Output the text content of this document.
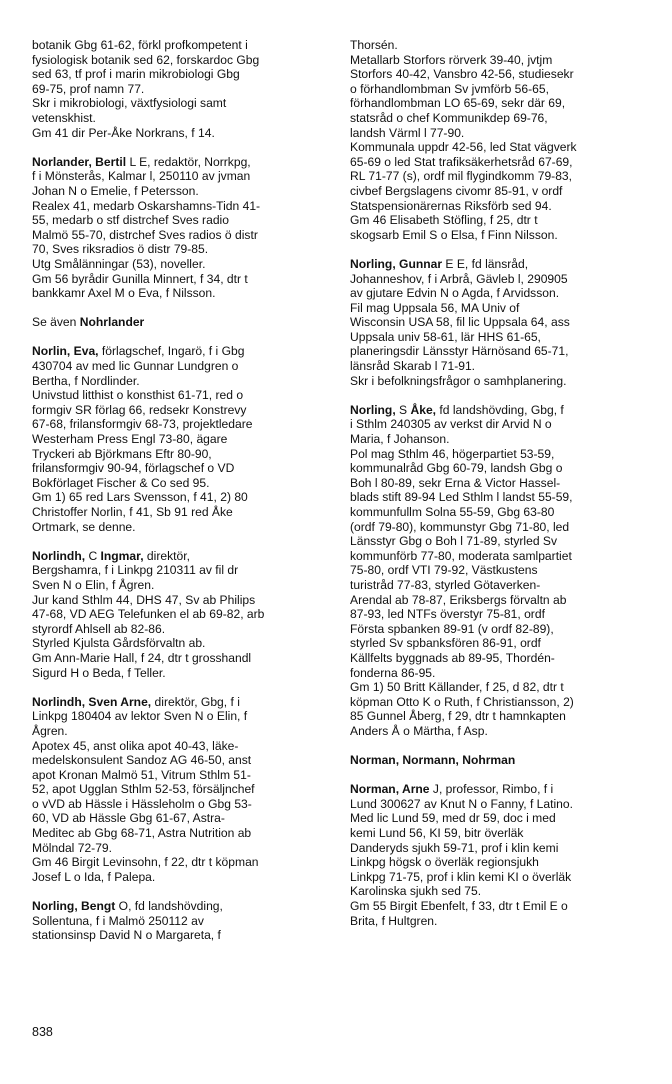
botanik Gbg 61-62, förkl profkompetent i
fysiologisk botanik sed 62, forskardoc Gbg
sed 63, tf prof i marin mikrobiologi Gbg
69-75, prof namn 77.
Skr i mikrobiologi, växtfysiologi samt
vetenskhist.
Gm 41 dir Per-Åke Norkrans, f 14.
Norlander, Bertil L E, redaktör, Norrkpg,
f i Mönsterås, Kalmar l, 250110 av jvman
Johan N o Emelie, f Petersson.
Realex 41, medarb Oskarshamns-Tidn 41-
55, medarb o stf distrchef Sves radio
Malmö 55-70, distrchef Sves radios ö distr
70, Sves riksradios ö distr 79-85.
Utg Smålänningar (53), noveller.
Gm 56 byrådir Gunilla Minnert, f 34, dtr t
bankkamr Axel M o Eva, f Nilsson.
Se även Nohrlander
Norlin, Eva, förlagschef, Ingarö, f i Gbg
430704 av med lic Gunnar Lundgren o
Bertha, f Nordlinder.
Univstud litthist o konsthist 61-71, red o
formgiv SR förlag 66, redsekr Konstrevy
67-68, frilansformgiv 68-73, projektledare
Westerham Press Engl 73-80, ägare
Tryckeri ab Björkmans Eftr 80-90,
frilansformgiv 90-94, förlagschef o VD
Bokförlaget Fischer & Co sed 95.
Gm 1) 65 red Lars Svensson, f 41, 2) 80
Christoffer Norlin, f 41, Sb 91 red Åke
Ortmark, se denne.
Norlindh, C Ingmar, direktör,
Bergshamra, f i Linkpg 210311 av fil dr
Sven N o Elin, f Ågren.
Jur kand Sthlm 44, DHS 47, Sv ab Philips
47-68, VD AEG Telefunken el ab 69-82, arb
styrordf Ahlsell ab 82-86.
Styrled Kjulsta Gårdsförvaltn ab.
Gm Ann-Marie Hall, f 24, dtr t grosshandl
Sigurd H o Beda, f Teller.
Norlindh, Sven Arne, direktör, Gbg, f i
Linkpg 180404 av lektor Sven N o Elin, f
Ågren.
Apotex 45, anst olika apot 40-43, läke-
medelskonsulent Sandoz AG 46-50, anst
apot Kronan Malmö 51, Vitrum Sthlm 51-
52, apot Ugglan Sthlm 52-53, försäljnchef
o vVD ab Hässle i Hässleholm o Gbg 53-
60, VD ab Hässle Gbg 61-67, Astra-
Meditec ab Gbg 68-71, Astra Nutrition ab
Mölndal 72-79.
Gm 46 Birgit Levinsohn, f 22, dtr t köpman
Josef L o Ida, f Palepa.
Norling, Bengt O, fd landshövding,
Sollentuna, f i Malmö 250112 av
stationsinsp David N o Margareta, f
Thorsén.
Metallarb Storfors rörverk 39-40, jvtjm
Storfors 40-42, Vansbro 42-56, studiesekr
o förhandlombman Sv jvmförb 56-65,
förhandlombman LO 65-69, sekr där 69,
statsråd o chef Kommunikdep 69-76,
landsh Värml l 77-90.
Kommunala uppdr 42-56, led Stat vägverk
65-69 o led Stat trafiksäkerhetsråd 67-69,
RL 71-77 (s), ordf mil flygindkomm 79-83,
civbef Bergslagens civomr 85-91, v ordf
Statspensionärernas Riksförb sed 94.
Gm 46 Elisabeth Stöfling, f 25, dtr t
skogsarb Emil S o Elsa, f Finn Nilsson.
Norling, Gunnar E E, fd länsråd,
Johanneshov, f i Arbrå, Gävleb l, 290905
av gjutare Edvin N o Agda, f Arvidsson.
Fil mag Uppsala 56, MA Univ of
Wisconsin USA 58, fil lic Uppsala 64, ass
Uppsala univ 58-61, lär HHS 61-65,
planeringsdir Länsstyr Härnösand 65-71,
länsråd Skarab l 71-91.
Skr i befolkningsfrågor o samhplanering.
Norling, S Åke, fd landshövding, Gbg, f
i Sthlm 240305 av verkst dir Arvid N o
Maria, f Johanson.
Pol mag Sthlm 46, högerpartiet 53-59,
kommunalråd Gbg 60-79, landsh Gbg o
Boh l 80-89, sekr Erna & Victor Hassel-
blads stift 89-94 Led Sthlm l landst 55-59,
kommunfullm Solna 55-59, Gbg 63-80
(ordf 79-80), kommunstyr Gbg 71-80, led
Länsstyr Gbg o Boh l 71-89, styrled Sv
kommunförb 77-80, moderata samlpartiet
75-80, ordf VTI 79-92, Västkustens
turistråd 77-83, styrled Götaverken-
Arendal ab 78-87, Eriksbergs förvaltn ab
87-93, led NTFs överstyr 75-81, ordf
Första spbanken 89-91 (v ordf 82-89),
styrled Sv spbanksfören 86-91, ordf
Källfelts byggnads ab 89-95, Thordén-
fonderna 86-95.
Gm 1) 50 Britt Källander, f 25, d 82, dtr t
köpman Otto K o Ruth, f Christiansson, 2)
85 Gunnel Åberg, f 29, dtr t hamnkapten
Anders Å o Märtha, f Asp.
Norman, Normann, Nohrman
Norman, Arne J, professor, Rimbo, f i
Lund 300627 av Knut N o Fanny, f Latino.
Med lic Lund 59, med dr 59, doc i med
kemi Lund 56, KI 59, bitr överläk
Danderyds sjukh 59-71, prof i klin kemi
Linkpg högsk o överläk regionsjukh
Linkpg 71-75, prof i klin kemi KI o överläk
Karolinska sjukh sed 75.
Gm 55 Birgit Ebenfelt, f 33, dtr t Emil E o
Brita, f Hultgren.
838
